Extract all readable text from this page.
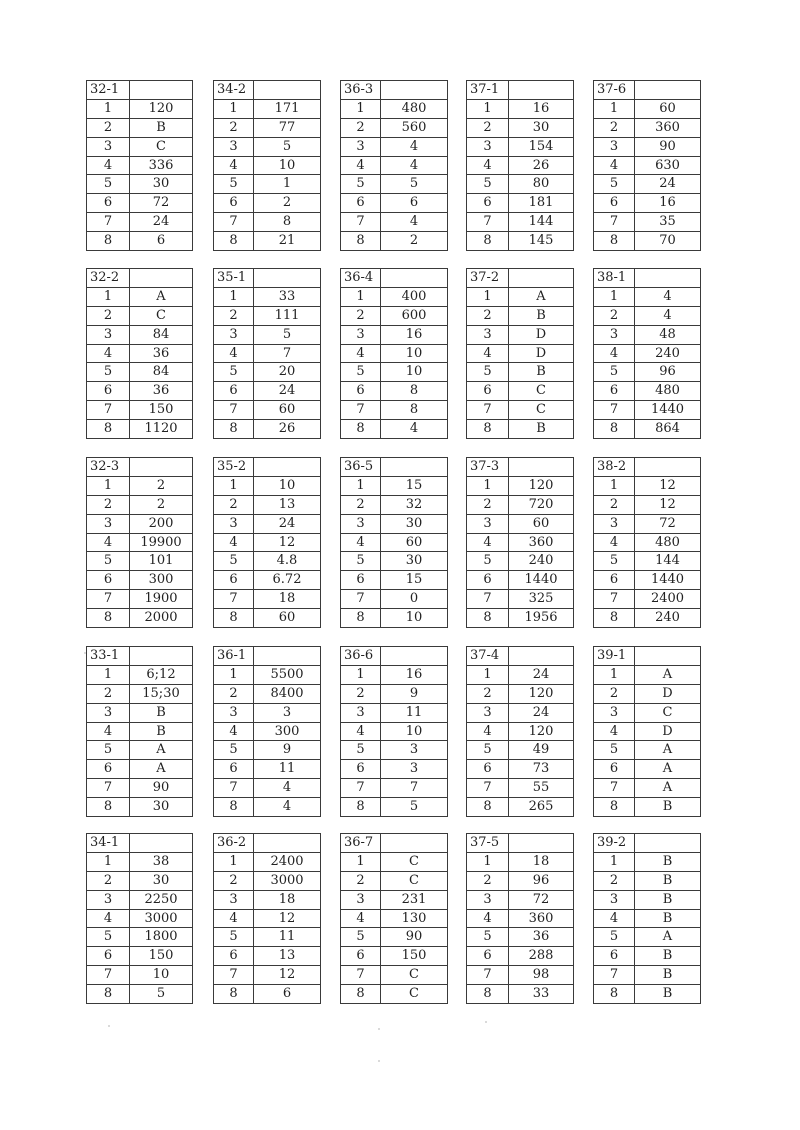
32-1	
1	120
2	B
3	C
4	336
5	30
6	72
7	24
8	6
34-2	
1	171
2	77
3	5
4	10
5	1
6	2
7	8
8	21
36-3	
1	480
2	560
3	4
4	4
5	5
6	6
7	4
8	2
37-1	
1	16
2	30
3	154
4	26
5	80
6	181
7	144
8	145
37-6	
1	60
2	360
3	90
4	630
5	24
6	16
7	35
8	70
32-2	
1	A
2	C
3	84
4	36
5	84
6	36
7	150
8	1120
35-1	
1	33
2	111
3	5
4	7
5	20
6	24
7	60
8	26
36-4	
1	400
2	600
3	16
4	10
5	10
6	8
7	8
8	4
37-2	
1	A
2	B
3	D
4	D
5	B
6	C
7	C
8	B
38-1	
1	4
2	4
3	48
4	240
5	96
6	480
7	1440
8	864
32-3	
1	2
2	2
3	200
4	19900
5	101
6	300
7	1900
8	2000
35-2	
1	10
2	13
3	24
4	12
5	4.8
6	6.72
7	18
8	60
36-5	
1	15
2	32
3	30
4	60
5	30
6	15
7	0
8	10
37-3	
1	120
2	720
3	60
4	360
5	240
6	1440
7	325
8	1956
38-2	
1	12
2	12
3	72
4	480
5	144
6	1440
7	2400
8	240
33-1	
1	6;12
2	15;30
3	B
4	B
5	A
6	A
7	90
8	30
36-1	
1	5500
2	8400
3	3
4	300
5	9
6	11
7	4
8	4
36-6	
1	16
2	9
3	11
4	10
5	3
6	3
7	7
8	5
37-4	
1	24
2	120
3	24
4	120
5	49
6	73
7	55
8	265
39-1	
1	A
2	D
3	C
4	D
5	A
6	A
7	A
8	B
34-1	
1	38
2	30
3	2250
4	3000
5	1800
6	150
7	10
8	5
36-2	
1	2400
2	3000
3	18
4	12
5	11
6	13
7	12
8	6
36-7	
1	C
2	C
3	231
4	130
5	90
6	150
7	C
8	C
37-5	
1	18
2	96
3	72
4	360
5	36
6	288
7	98
8	33
39-2	
1	B
2	B
3	B
4	B
5	A
6	B
7	B
8	B
